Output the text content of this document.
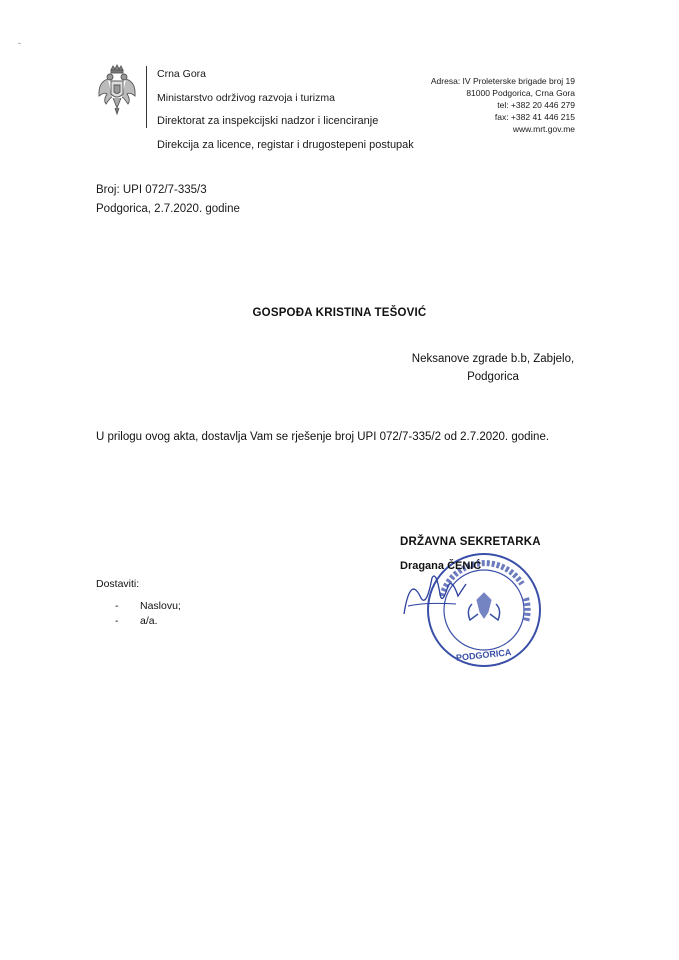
-
Crna Gora
Ministarstvo održivog razvoja i turizma
Direktorat za inspekcijski nadzor i licenciranje
Direkcija za licence, registar i drugostepeni postupak
Adresa: IV Proleterske brigade broj 19
81000 Podgorica, Crna Gora
tel: +382 20 446 279
fax: +382 41 446 215
www.mrt.gov.me
Broj: UPI 072/7-335/3
Podgorica, 2.7.2020. godine
GOSPOĐA KRISTINA TEŠOVIĆ
Neksanove zgrade b.b, Zabjelo,
Podgorica
U prilogu ovog akta, dostavlja Vam se rješenje broj UPI 072/7-335/2 od 2.7.2020. godine.
DRŽAVNA SEKRETARKA
PODGORICA
Dragana ČENIĆ
Dostaviti:
- Naslovu;
- a/a.
